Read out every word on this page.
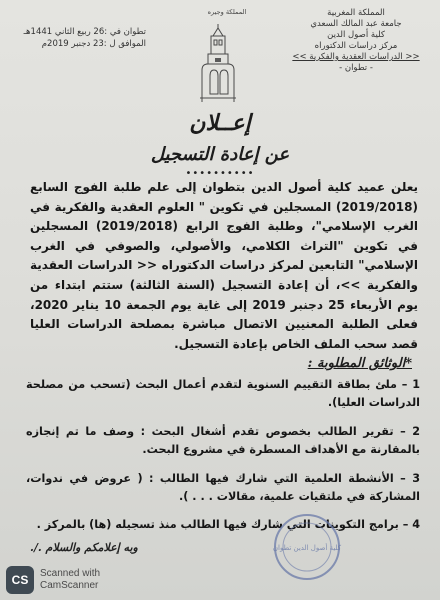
المملكة المغربية
جامعة عبد المالك السعدي
كلية أصول الدين
مركز دراسات الدكتوراه
<< الدراسات العقدية والفكرية >>
- تطوان -
المملكة وجيره
تطوان في :26 ربيع الثاني 1441هـ
الموافق ل :23 دجنبر 2019م
إعــلان
عن إعادة التسجيل
••••••••••

يعلن عميد كلية أصول الدين بتطوان إلى علم طلبة الفوج السابع (2019/2018) المسجلين في تكوين " العلوم العقدية والفكرية في الغرب الإسلامي"، وطلبة الفوج الرابع (2019/2018) المسجلين في تكوين "التراث الكلامي، والأصولي، والصوفي في الغرب الإسلامي" التابعين لمركز دراسات الدكتوراه << الدراسات العقدية والفكرية >>، أن إعادة التسجيل (السنة الثالثة) ستتم ابتداء من يوم الأربعاء 25 دجنبر 2019 إلى غاية يوم الجمعة 10 يناير 2020، فعلى الطلبة المعنيين الاتصال مباشرة بمصلحة الدراسات العليا قصد سحب الملف الخاص بإعادة التسجيل.

*الوثائق المطلوبة :
1 – ملئ بطاقة التقييم السنوية لتقدم أعمال البحث (تسحب من مصلحة الدراسات العليا).
2 – تقرير الطالب بخصوص تقدم أشغال البحث : وصف ما تم إنجازه بالمقارنة مع الأهداف المسطرة في مشروع البحث.
3 – الأنشطة العلمية التي شارك فيها الطالب : ( عروض في ندوات، المشاركة في ملتقيات علمية، مقالات . . . ).
4 – برامج التكوينات التي شارك فيها الطالب منذ تسجيله (ها) بالمركز .
كلية أصول الدين تطوان
وبه إعلامكم والسلام ./.
CS	Scanned with
CamScanner
